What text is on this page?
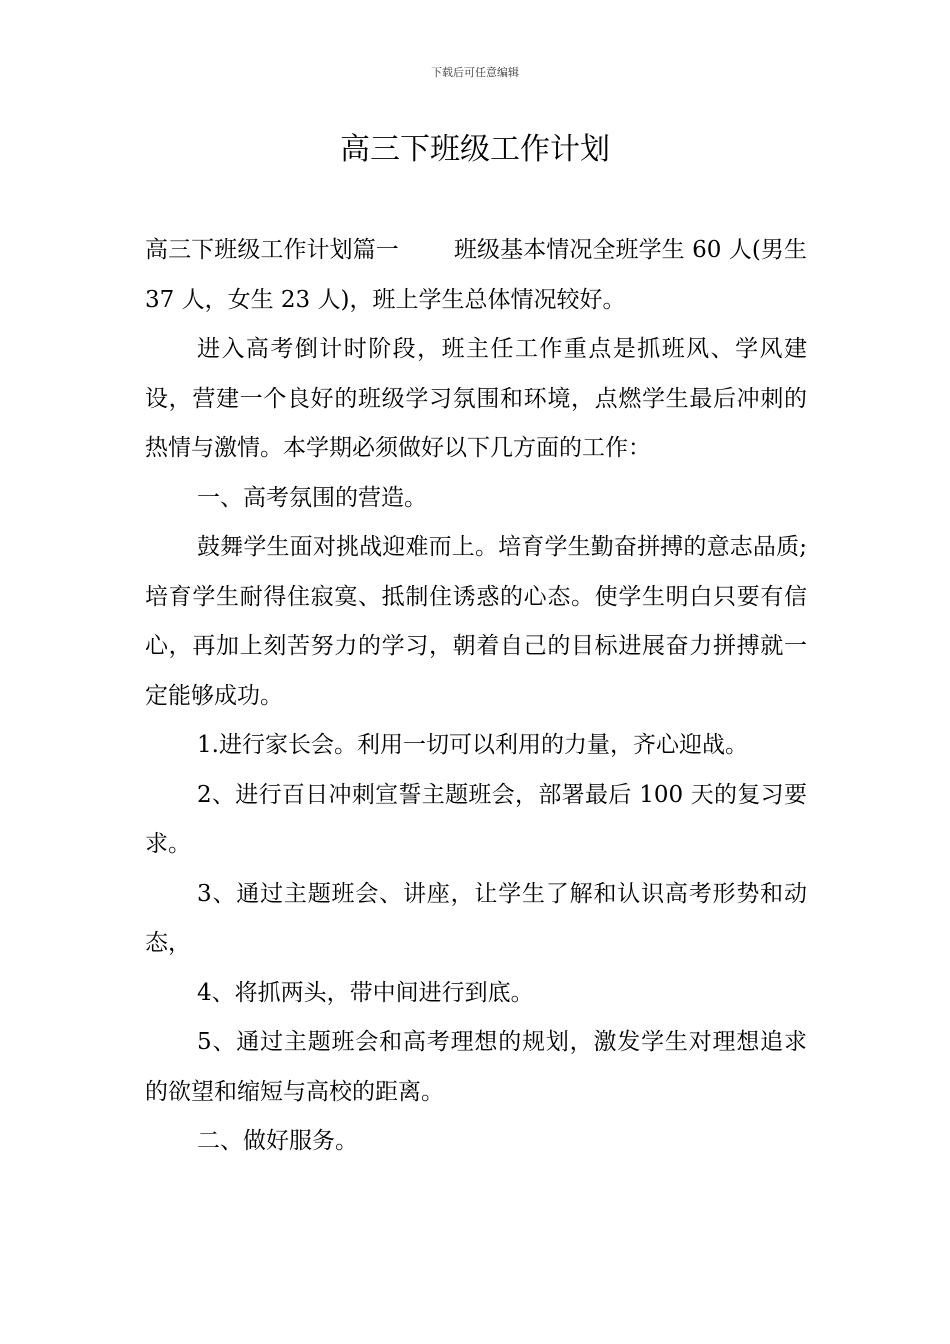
下载后可任意编辑
高三下班级工作计划

高三下班级工作计划篇一 班级基本情况全班学生 60 人(男生 37 人，女生 23 人)，班上学生总体情况较好。

进入高考倒计时阶段，班主任工作重点是抓班风、学风建设，营建一个良好的班级学习氛围和环境，点燃学生最后冲刺的热情与激情。本学期必须做好以下几方面的工作：

一、高考氛围的营造。

鼓舞学生面对挑战迎难而上。培育学生勤奋拼搏的意志品质;培育学生耐得住寂寞、抵制住诱惑的心态。使学生明白只要有信心，再加上刻苦努力的学习，朝着自己的目标进展奋力拼搏就一定能够成功。

1.进行家长会。利用一切可以利用的力量，齐心迎战。

2、进行百日冲刺宣誓主题班会，部署最后 100 天的复习要求。

3、通过主题班会、讲座，让学生了解和认识高考形势和动态，

4、将抓两头，带中间进行到底。

5、通过主题班会和高考理想的规划，激发学生对理想追求的欲望和缩短与高校的距离。

二、做好服务。
